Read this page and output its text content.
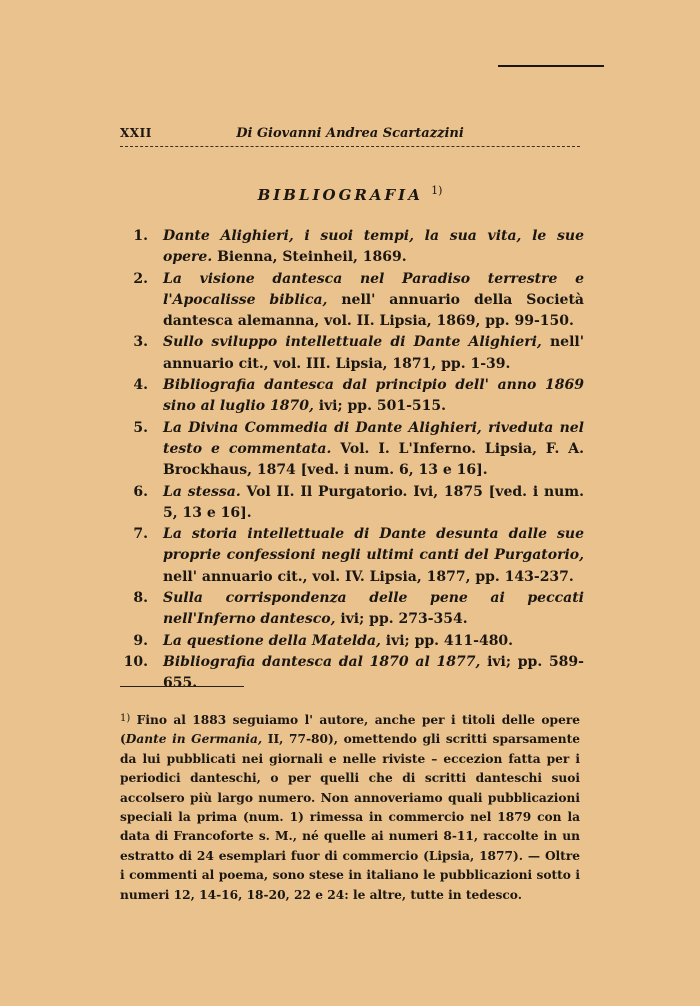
XXII	Di Giovanni Andrea Scartazzini
BIBLIOGRAFIA $^{1)}$
1. Dante Alighieri, i suoi tempi, la sua vita, le sue opere. Bienna, Steinheil, 1869.
2. La visione dantesca nel Paradiso terrestre e l'Apocalisse biblica, nell' annuario della Società dantesca alemanna, vol. II. Lipsia, 1869, pp. 99-150.
3. Sullo sviluppo intellettuale di Dante Alighieri, nell' annuario cit., vol. III. Lipsia, 1871, pp. 1-39.
4. Bibliografia dantesca dal principio dell' anno 1869 sino al luglio 1870, ivi; pp. 501-515.
5. La Divina Commedia di Dante Alighieri, riveduta nel testo e commentata. Vol. I. L'Inferno. Lipsia, F. A. Brockhaus, 1874 [ved. i num. 6, 13 e 16].
6. La stessa. Vol II. Il Purgatorio. Ivi, 1875 [ved. i num. 5, 13 e 16].
7. La storia intellettuale di Dante desunta dalle sue proprie confessioni negli ultimi canti del Purgatorio, nell' annuario cit., vol. IV. Lipsia, 1877, pp. 143-237.
8. Sulla corrispondenza delle pene ai peccati nell'Inferno dantesco, ivi; pp. 273-354.
9. La questione della Matelda, ivi; pp. 411-480.
10. Bibliografia dantesca dal 1870 al 1877, ivi; pp. 589-655.
$^{1)}$ Fino al 1883 seguiamo l' autore, anche per i titoli delle opere (Dante in Germania, II, 77-80), omettendo gli scritti sparsamente da lui pubblicati nei giornali e nelle riviste – eccezion fatta per i periodici danteschi, o per quelli che di scritti danteschi suoi accolsero più largo numero. Non annoveriamo quali pubblicazioni speciali la prima (num. 1) rimessa in commercio nel 1879 con la data di Francoforte s. M., né quelle ai numeri 8-11, raccolte in un estratto di 24 esemplari fuor di commercio (Lipsia, 1877). — Oltre i commenti al poema, sono stese in italiano le pubblicazioni sotto i numeri 12, 14-16, 18-20, 22 e 24: le altre, tutte in tedesco.
